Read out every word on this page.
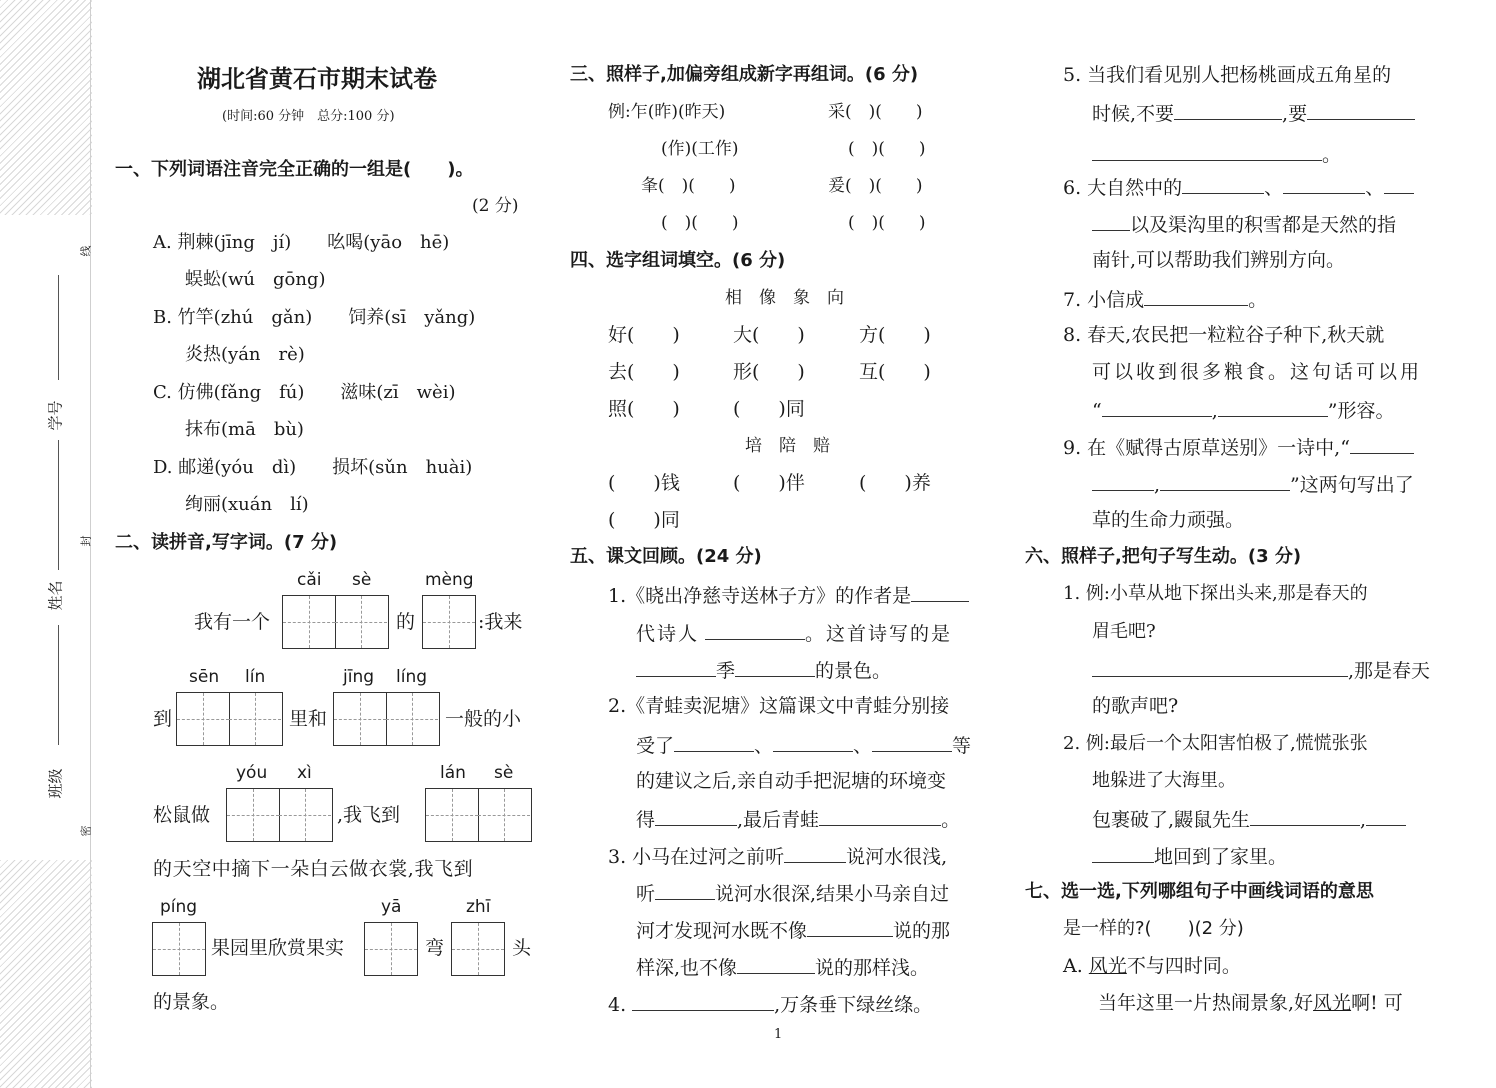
学号
姓名
班级
线
封
密
湖北省黄石市期末试卷
(时间:60 分钟　总分:100 分)
一、下列词语注音完全正确的一组是(　　)。
(2 分)
A. 荆棘(jīng　jí)　　吆喝(yāo　hē)
蜈蚣(wú　gōng)
B. 竹竿(zhú　gǎn)　　饲养(sī　yǎng)
炎热(yán　rè)
C. 仿佛(fǎng　fú)　　滋味(zī　wèi)
抹布(mā　bù)
D. 邮递(yóu　dì)　　损坏(sǔn　huài)
绚丽(xuán　lí)
二、读拼音,写字词。(7 分)
cǎi sè	mèng
我有一个	的	:我来
sēn lín	jīng líng
到	里和	一般的小
yóu xì	lán sè
松鼠做	,我飞到
的天空中摘下一朵白云做衣裳,我飞到
píng	yā	zhī
果园里欣赏果实	弯	头
的景象。
三、照样子,加偏旁组成新字再组词。(6 分)
例:乍(昨)(昨天)	采(　)(　　)
(作)(工作)	(　)(　　)
夆(　)(　　)	爰(　)(　　)
(　)(　　)	(　)(　　)
四、选字组词填空。(6 分)
相　像　象　向
好(　　)	大(　　)	方(　　)
去(　　)	形(　　)	互(　　)
照(　　)	(　　)同
培　陪　赔
(　　)钱	(　　)伴	(　　)养
(　　)同
五、课文回顾。(24 分)
1.《晓出净慈寺送林子方》的作者是
代诗人	。这首诗写的是
季	的景色。
2.《青蛙卖泥塘》这篇课文中青蛙分别接
受了	、	、	等
的建议之后,亲自动手把泥塘的环境变
得	,最后青蛙	。
3. 小马在过河之前听	说河水很浅,
听	说河水很深,结果小马亲自过
河才发现河水既不像	说的那
样深,也不像	说的那样浅。
4.	,万条垂下绿丝绦。
1
5. 当我们看见别人把杨桃画成五角星的
时候,不要	,要
。
6. 大自然中的	、	、
以及渠沟里的积雪都是天然的指
南针,可以帮助我们辨别方向。
7. 小信成	。
8. 春天,农民把一粒粒谷子种下,秋天就
可以收到很多粮食。这句话可以用
“	,	”形容。
9. 在《赋得古原草送别》一诗中,“
,	”这两句写出了
草的生命力顽强。
六、照样子,把句子写生动。(3 分)
1. 例:小草从地下探出头来,那是春天的
眉毛吧?
,那是春天
的歌声吧?
2. 例:最后一个太阳害怕极了,慌慌张张
地躲进了大海里。
包裹破了,鼹鼠先生	,
地回到了家里。
七、选一选,下列哪组句子中画线词语的意思
是一样的?(　　)(2 分)
A. 风光不与四时同。
当年这里一片热闹景象,好风光啊! 可
